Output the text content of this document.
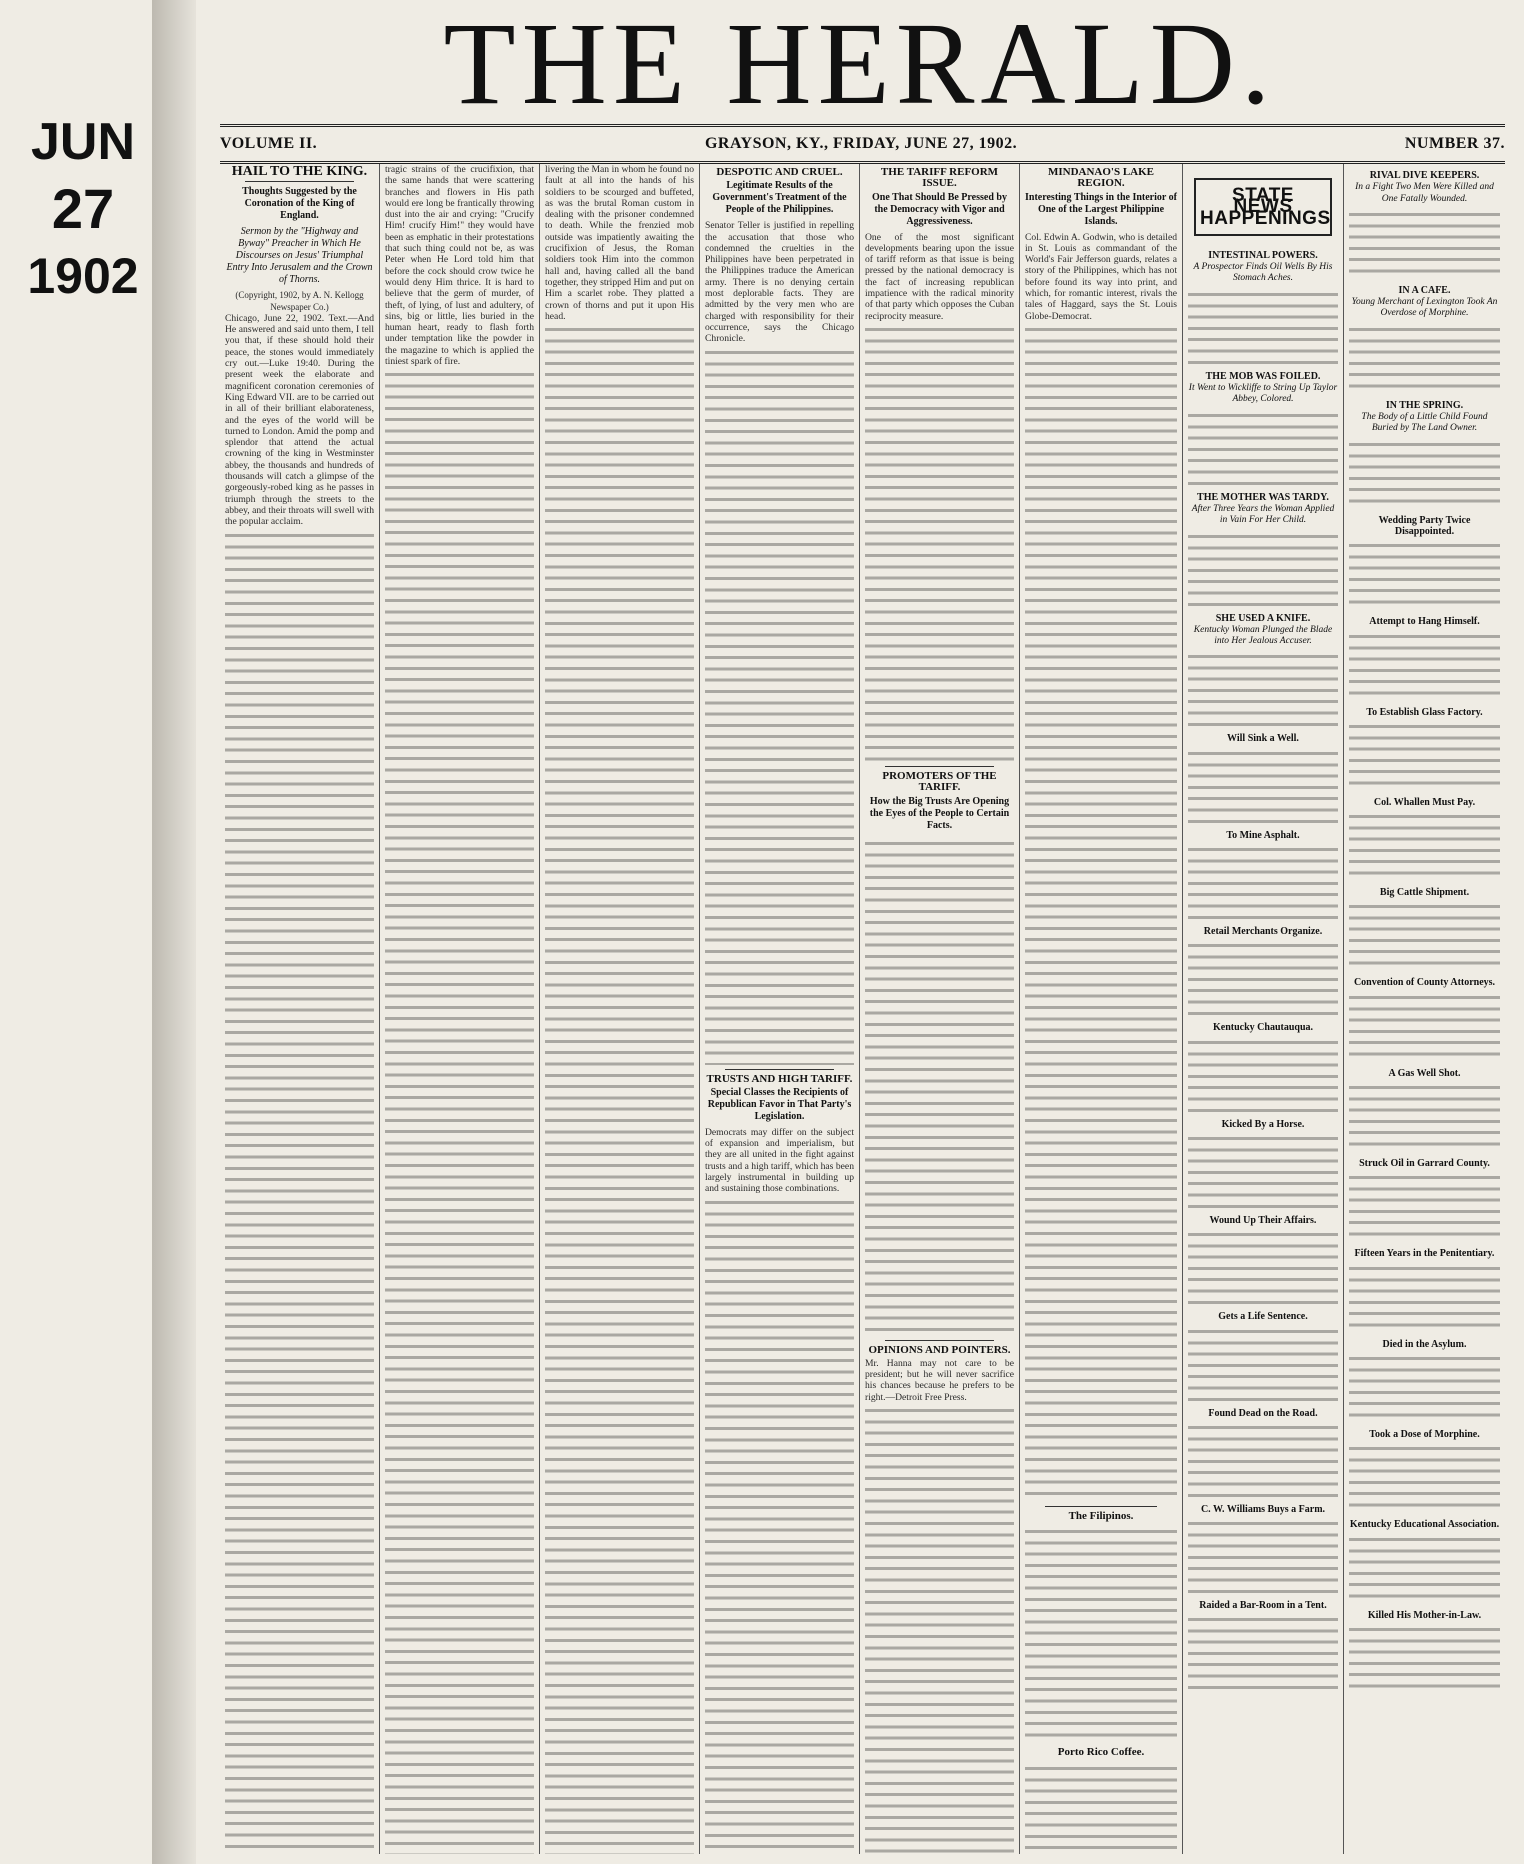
JUN
27
1902
THE HERALD.
VOLUME II.	GRAYSON, KY., FRIDAY, JUNE 27, 1902.	NUMBER 37.
HAIL TO THE KING.
Thoughts Suggested by the Coronation of the King of England.
Sermon by the "Highway and Byway" Preacher in Which He Discourses on Jesus' Triumphal Entry Into Jerusalem and the Crown of Thorns.

(Copyright, 1902, by A. N. Kellogg Newspaper Co.)

Chicago, June 22, 1902. Text.—And He answered and said unto them, I tell you that, if these should hold their peace, the stones would immediately cry out.—Luke 19:40. During the present week the elaborate and magnificent coronation ceremonies of King Edward VII. are to be carried out in all of their brilliant elaborateness, and the eyes of the world will be turned to London. Amid the pomp and splendor that attend the actual crowning of the king in Westminster abbey, the thousands and hundreds of thousands will catch a glimpse of the gorgeously-robed king as he passes in triumph through the streets to the abbey, and their throats will swell with the popular acclaim.

tragic strains of the crucifixion, that the same hands that were scattering branches and flowers in His path would ere long be frantically throwing dust into the air and crying: "Crucify Him! crucify Him!" they would have been as emphatic in their protestations that such thing could not be, as was Peter when He Lord told him that before the cock should crow twice he would deny Him thrice. It is hard to believe that the germ of murder, of theft, of lying, of lust and adultery, of sins, big or little, lies buried in the human heart, ready to flash forth under temptation like the powder in the magazine to which is applied the tiniest spark of fire.

livering the Man in whom he found no fault at all into the hands of his soldiers to be scourged and buffeted, as was the brutal Roman custom in dealing with the prisoner condemned to death. While the frenzied mob outside was impatiently awaiting the crucifixion of Jesus, the Roman soldiers took Him into the common hall and, having called all the band together, they stripped Him and put on Him a scarlet robe. They platted a crown of thorns and put it upon His head.

DESPOTIC AND CRUEL.
Legitimate Results of the Government's Treatment of the People of the Philippines.

Senator Teller is justified in repelling the accusation that those who condemned the cruelties in the Philippines have been perpetrated in the Philippines traduce the American army. There is no denying certain most deplorable facts. They are admitted by the very men who are charged with responsibility for their occurrence, says the Chicago Chronicle.

TRUSTS AND HIGH TARIFF.
Special Classes the Recipients of Republican Favor in That Party's Legislation.

Democrats may differ on the subject of expansion and imperialism, but they are all united in the fight against trusts and a high tariff, which has been largely instrumental in building up and sustaining those combinations.

THE TARIFF REFORM ISSUE.
One That Should Be Pressed by the Democracy with Vigor and Aggressiveness.

One of the most significant developments bearing upon the issue of tariff reform as that issue is being pressed by the national democracy is the fact of increasing republican impatience with the radical minority of that party which opposes the Cuban reciprocity measure.

PROMOTERS OF THE TARIFF.
How the Big Trusts Are Opening the Eyes of the People to Certain Facts.
OPINIONS AND POINTERS.

Mr. Hanna may not care to be president; but he will never sacrifice his chances because he prefers to be right.—Detroit Free Press.

MINDANAO'S LAKE REGION.
Interesting Things in the Interior of One of the Largest Philippine Islands.

Col. Edwin A. Godwin, who is detailed in St. Louis as commandant of the World's Fair Jefferson guards, relates a story of the Philippines, which has not before found its way into print, and which, for romantic interest, rivals the tales of Haggard, says the St. Louis Globe-Democrat.

The Filipinos.
Porto Rico Coffee.
STATE NEWS HAPPENINGS
INTESTINAL POWERS.
A Prospector Finds Oil Wells By His Stomach Aches.
THE MOB WAS FOILED.
It Went to Wickliffe to String Up Taylor Abbey, Colored.
THE MOTHER WAS TARDY.
After Three Years the Woman Applied in Vain For Her Child.
SHE USED A KNIFE.
Kentucky Woman Plunged the Blade into Her Jealous Accuser.
Will Sink a Well.
To Mine Asphalt.
Retail Merchants Organize.
Kentucky Chautauqua.
Kicked By a Horse.
Wound Up Their Affairs.
Gets a Life Sentence.
Found Dead on the Road.
C. W. Williams Buys a Farm.
Raided a Bar-Room in a Tent.
RIVAL DIVE KEEPERS.
In a Fight Two Men Were Killed and One Fatally Wounded.
IN A CAFE.
Young Merchant of Lexington Took An Overdose of Morphine.
IN THE SPRING.
The Body of a Little Child Found Buried by The Land Owner.
Wedding Party Twice Disappointed.
Attempt to Hang Himself.
To Establish Glass Factory.
Col. Whallen Must Pay.
Big Cattle Shipment.
Convention of County Attorneys.
A Gas Well Shot.
Struck Oil in Garrard County.
Fifteen Years in the Penitentiary.
Died in the Asylum.
Took a Dose of Morphine.
Kentucky Educational Association.
Killed His Mother-in-Law.
